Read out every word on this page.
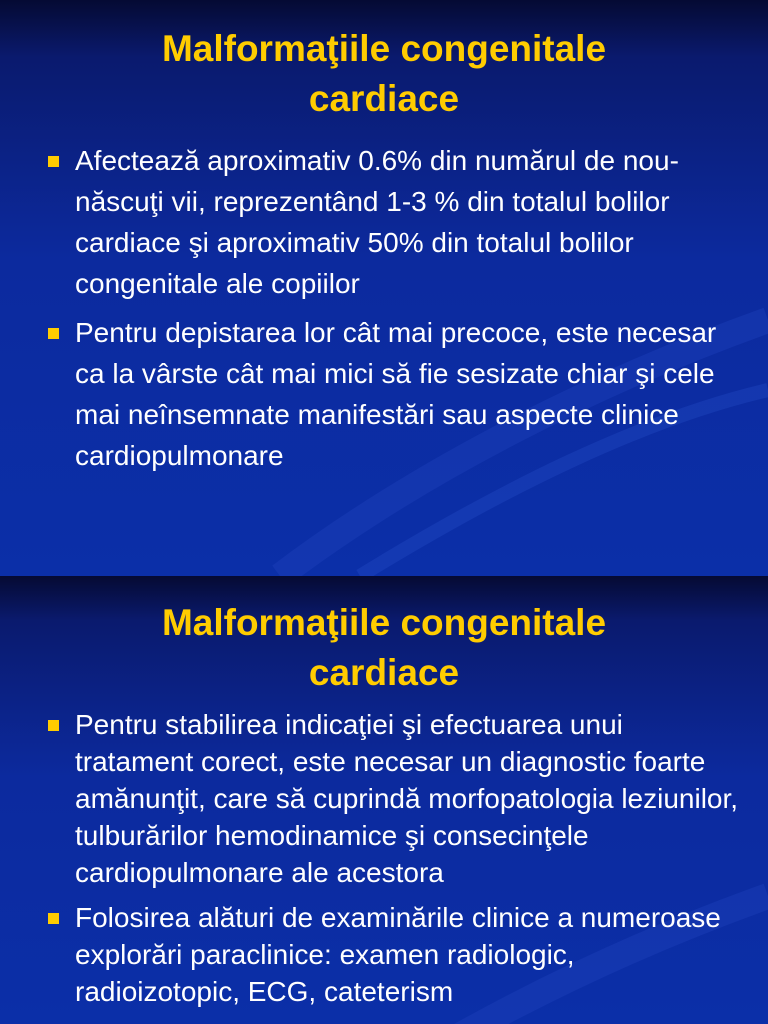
Malformaţiile congenitale
cardiace
Afectează aproximativ 0.6% din numărul de nou-născuţi vii, reprezentând 1-3 % din totalul bolilor cardiace şi aproximativ 50% din totalul bolilor congenitale ale copiilor
Pentru depistarea lor cât mai precoce, este necesar ca la vârste cât mai mici să fie sesizate chiar şi cele mai neînsemnate manifestări sau aspecte clinice cardiopulmonare
Malformaţiile congenitale
cardiace
Pentru stabilirea indicaţiei şi efectuarea unui tratament corect, este necesar un diagnostic foarte amănunţit, care să cuprindă morfopatologia leziunilor, tulburărilor hemodinamice şi consecinţele cardiopulmonare ale acestora
Folosirea alături de examinările clinice a numeroase explorări paraclinice: examen radiologic, radioizotopic, ECG, cateterism
